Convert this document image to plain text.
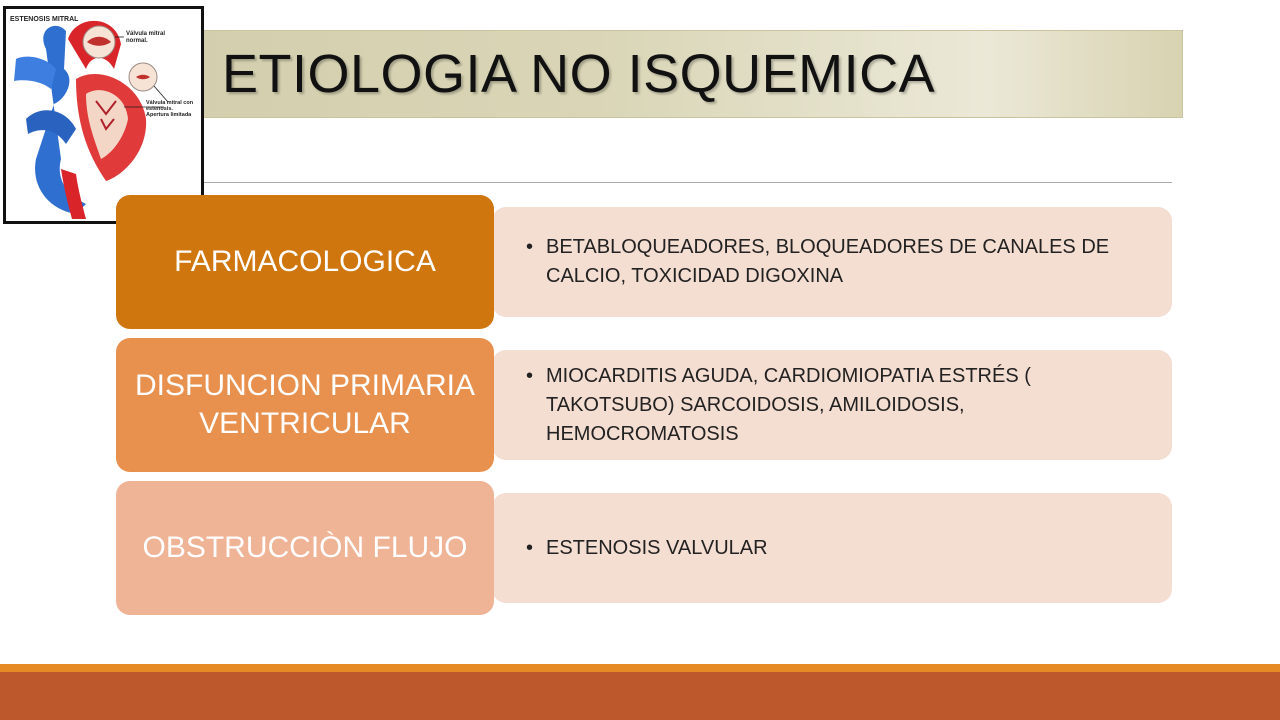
ETIOLOGIA NO ISQUEMICA
ESTENOSIS MITRAL
Válvula mitral
normal.
Válvula mitral con
estenosis.
Apertura limitada
• BETABLOQUEADORES, BLOQUEADORES DE CANALES DE CALCIO, TOXICIDAD DIGOXINA
FARMACOLOGICA
• MIOCARDITIS AGUDA, CARDIOMIOPATIA ESTRÉS ( TAKOTSUBO) SARCOIDOSIS, AMILOIDOSIS, HEMOCROMATOSIS
DISFUNCION PRIMARIA VENTRICULAR
• ESTENOSIS VALVULAR
OBSTRUCCIÒN FLUJO
